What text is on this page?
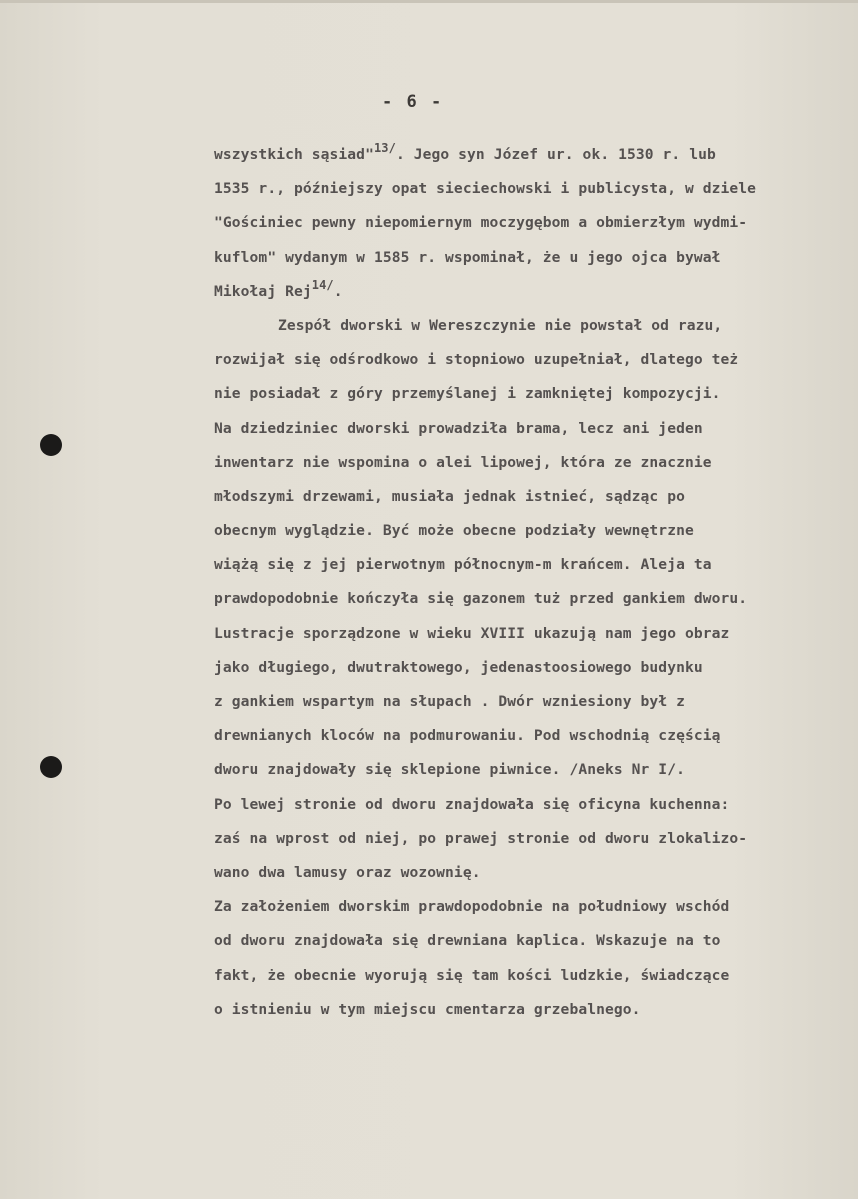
- 6 -
wszystkich sąsiad"$^{13/}$. Jego syn Józef ur. ok. 1530 r. lub
1535 r., późniejszy opat sieciechowski i publicysta, w dziele
"Gościniec pewny niepomiernym moczygębom a obmierzłym wydmi-
kuflom" wydanym w 1585 r. wspominał, że u jego ojca bywał
Mikołaj Rej$^{14/}$.
Zespół dworski w Wereszczynie nie powstał od razu,
rozwijał się odśrodkowo i stopniowo uzupełniał, dlatego też
nie posiadał z góry przemyślanej i zamkniętej kompozycji.
Na dziedziniec dworski prowadziła brama, lecz ani jeden
inwentarz nie wspomina o alei lipowej, która ze znacznie
młodszymi drzewami, musiała jednak istnieć, sądząc po
obecnym wyglądzie. Być może obecne podziały wewnętrzne
wiążą się z jej pierwotnym północnym-m krańcem. Aleja ta
prawdopodobnie kończyła się gazonem tuż przed gankiem dworu.
Lustracje sporządzone w wieku XVIII ukazują nam jego obraz
jako długiego, dwutraktowego, jedenastoosiowego budynku
z gankiem wspartym na słupach . Dwór wzniesiony był z
drewnianych kloców na podmurowaniu. Pod wschodnią częścią
dworu znajdowały się sklepione piwnice. /Aneks Nr I/.
Po lewej stronie od dworu znajdowała się oficyna kuchenna:
zaś na wprost od niej, po prawej stronie od dworu zlokalizo-
wano dwa lamusy oraz wozownię.
Za założeniem dworskim prawdopodobnie na południowy wschód
od dworu znajdowała się drewniana kaplica. Wskazuje na to
fakt, że obecnie wyorują się tam kości ludzkie, świadczące
o istnieniu w tym miejscu cmentarza grzebalnego.
